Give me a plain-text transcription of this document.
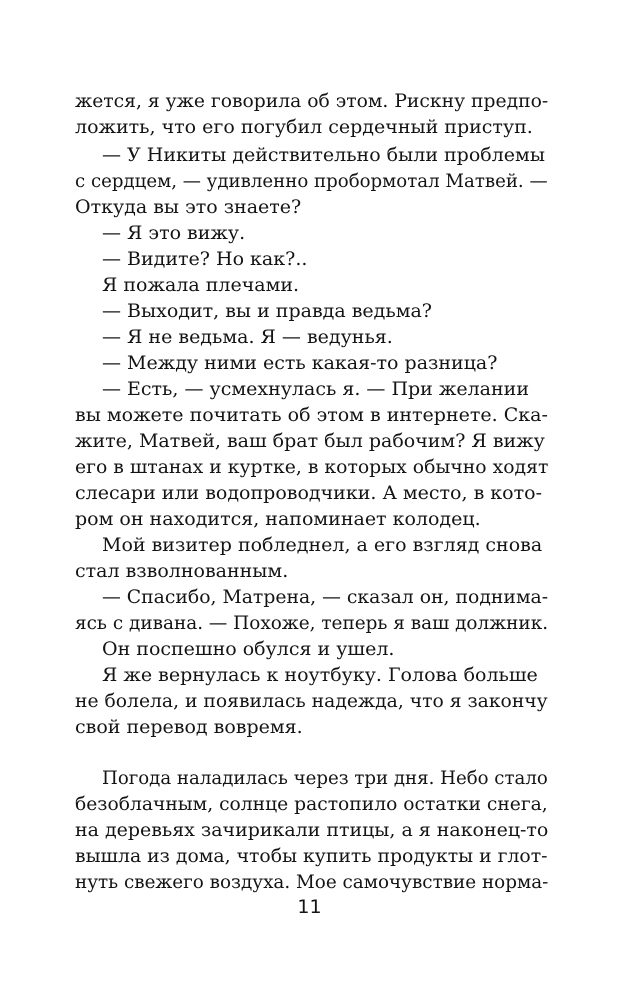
жется, я уже говорила об этом. Рискну предпо-
ложить, что его погубил сердечный приступ.
— У Никиты действительно были проблемы
с сердцем, — удивленно пробормотал Матвей. —
Откуда вы это знаете?
— Я это вижу.
— Видите? Но как?..
Я пожала плечами.
— Выходит, вы и правда ведьма?
— Я не ведьма. Я — ведунья.
— Между ними есть какая-то разница?
— Есть, — усмехнулась я. — При желании
вы можете почитать об этом в интернете. Ска-
жите, Матвей, ваш брат был рабочим? Я вижу
его в штанах и куртке, в которых обычно ходят
слесари или водопроводчики. А место, в кото-
ром он находится, напоминает колодец.
Мой визитер побледнел, а его взгляд снова
стал взволнованным.
— Спасибо, Матрена, — сказал он, поднима-
ясь с дивана. — Похоже, теперь я ваш должник.
Он поспешно обулся и ушел.
Я же вернулась к ноутбуку. Голова больше
не болела, и появилась надежда, что я закончу
свой перевод вовремя.
Погода наладилась через три дня. Небо стало
безоблачным, солнце растопило остатки снега,
на деревьях зачирикали птицы, а я наконец-то
вышла из дома, чтобы купить продукты и глот-
нуть свежего воздуха. Мое самочувствие норма-
11
